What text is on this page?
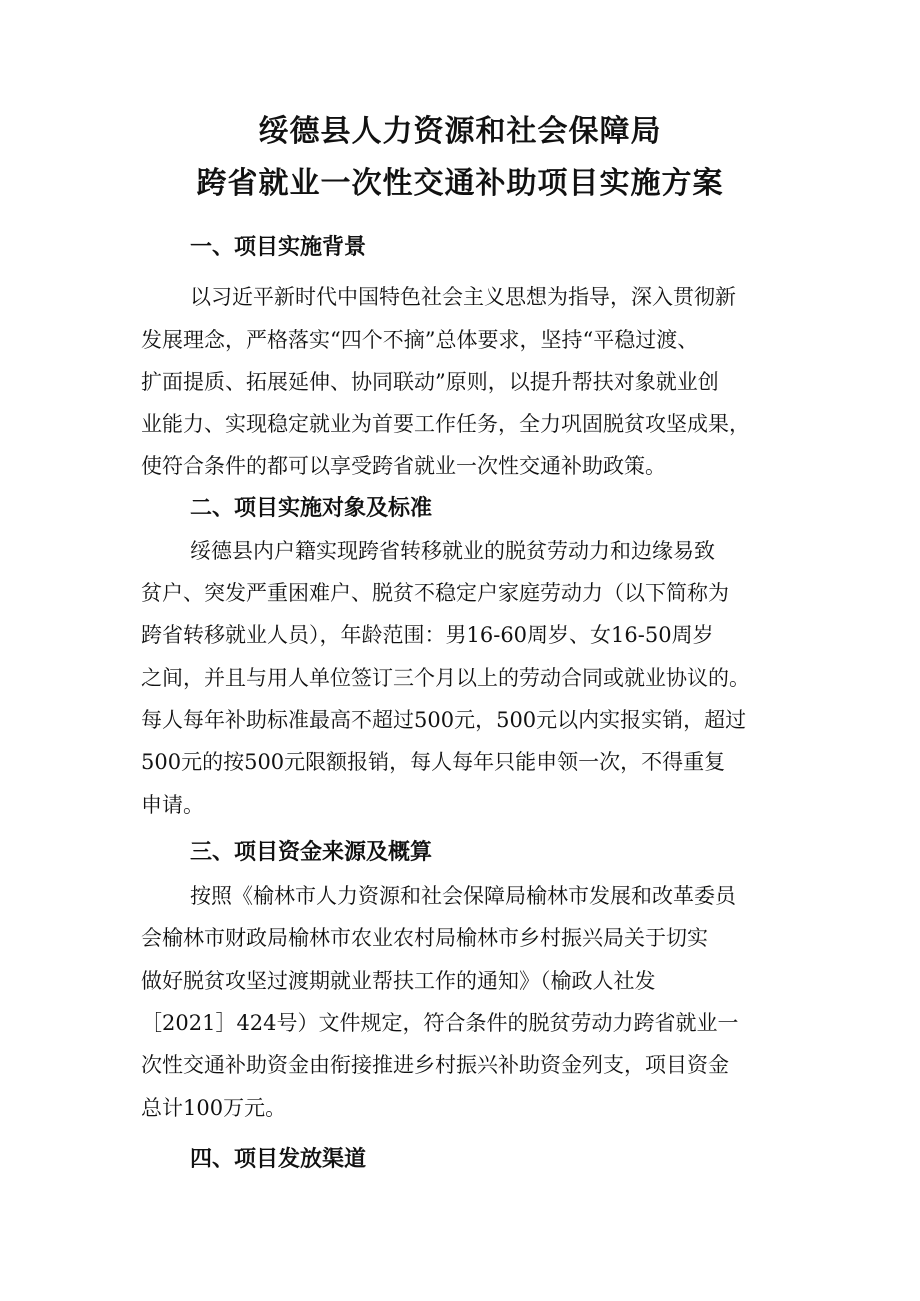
绥德县人力资源和社会保障局
跨省就业一次性交通补助项目实施方案
一、项目实施背景
以习近平新时代中国特色社会主义思想为指导，深入贯彻新
发展理念，严格落实“四个不摘”总体要求，坚持“平稳过渡、
扩面提质、拓展延伸、协同联动”原则，以提升帮扶对象就业创
业能力、实现稳定就业为首要工作任务，全力巩固脱贫攻坚成果，
使符合条件的都可以享受跨省就业一次性交通补助政策。
二、项目实施对象及标准
绥德县内户籍实现跨省转移就业的脱贫劳动力和边缘易致
贫户、突发严重困难户、脱贫不稳定户家庭劳动力（以下简称为
跨省转移就业人员），年龄范围：男16-60周岁、女16-50周岁
之间，并且与用人单位签订三个月以上的劳动合同或就业协议的。
每人每年补助标准最高不超过500元，500元以内实报实销，超过
500元的按500元限额报销，每人每年只能申领一次，不得重复
申请。
三、项目资金来源及概算
按照《榆林市人力资源和社会保障局榆林市发展和改革委员
会榆林市财政局榆林市农业农村局榆林市乡村振兴局关于切实
做好脱贫攻坚过渡期就业帮扶工作的通知》（榆政人社发
［2021］424号）文件规定，符合条件的脱贫劳动力跨省就业一
次性交通补助资金由衔接推进乡村振兴补助资金列支，项目资金
总计100万元。
四、项目发放渠道
